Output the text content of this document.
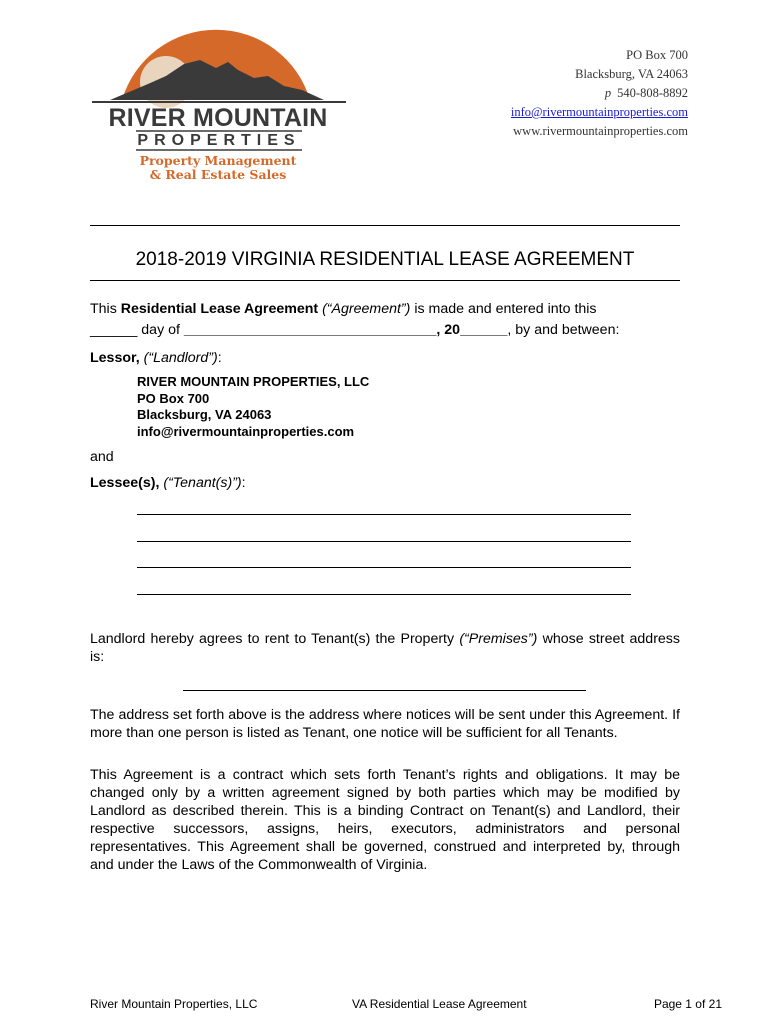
RIVER MOUNTAIN
PROPERTIES
Property Management
& Real Estate Sales
PO Box 700
Blacksburg, VA 24063
p 540-808-8892
info@rivermountainproperties.com
www.rivermountainproperties.com
2018-2019 VIRGINIA RESIDENTIAL LEASE AGREEMENT
This Residential Lease Agreement (“Agreement”) is made and entered into this
______ day of ________________________________, 20______, by and between:
Lessor, (“Landlord”):
RIVER MOUNTAIN PROPERTIES, LLC
PO Box 700
Blacksburg, VA 24063
info@rivermountainproperties.com
and
Lessee(s), (“Tenant(s)”):
Landlord hereby agrees to rent to Tenant(s) the Property (“Premises”) whose street address is:
The address set forth above is the address where notices will be sent under this Agreement. If more than one person is listed as Tenant, one notice will be sufficient for all Tenants.
This Agreement is a contract which sets forth Tenant’s rights and obligations. It may be changed only by a written agreement signed by both parties which may be modified by Landlord as described therein. This is a binding Contract on Tenant(s) and Landlord, their respective successors, assigns, heirs, executors, administrators and personal representatives. This Agreement shall be governed, construed and interpreted by, through and under the Laws of the Commonwealth of Virginia.
River Mountain Properties, LLC	VA Residential Lease Agreement	Page 1 of 21
